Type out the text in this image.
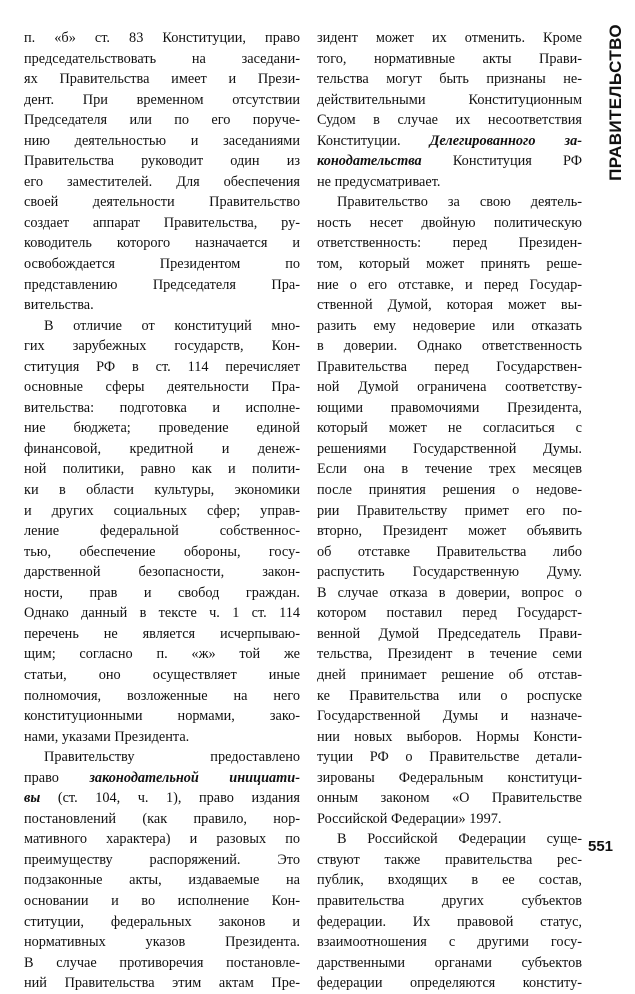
п. «б» ст. 83 Конституции, право
председательствовать на заседани-
ях Правительства имеет и Прези-
дент. При временном отсутствии
Председателя или по его поруче-
нию деятельностью и заседаниями
Правительства руководит один из
его заместителей. Для обеспечения
своей деятельности Правительство
создает аппарат Правительства, ру-
ководитель которого назначается и
освобождается Президентом по
представлению Председателя Пра-
вительства.
В отличие от конституций мно-
гих зарубежных государств, Кон-
ституция РФ в ст. 114 перечисляет
основные сферы деятельности Пра-
вительства: подготовка и исполне-
ние бюджета; проведение единой
финансовой, кредитной и денеж-
ной политики, равно как и полити-
ки в области культуры, экономики
и других социальных сфер; управ-
ление федеральной собственнос-
тью, обеспечение обороны, госу-
дарственной безопасности, закон-
ности, прав и свобод граждан.
Однако данный в тексте ч. 1 ст. 114
перечень не является исчерпываю-
щим; согласно п. «ж» той же
статьи, оно осуществляет иные
полномочия, возложенные на него
конституционными нормами, зако-
нами, указами Президента.
Правительству предоставлено
право законодательной инициати-
вы (ст. 104, ч. 1), право издания
постановлений (как правило, нор-
мативного характера) и разовых по
преимуществу распоряжений. Это
подзаконные акты, издаваемые на
основании и во исполнение Кон-
ституции, федеральных законов и
нормативных указов Президента.
В случае противоречия постановле-
ний Правительства этим актам Пре-
зидент может их отменить. Кроме
того, нормативные акты Прави-
тельства могут быть признаны не-
действительными Конституционным
Судом в случае их несоответствия
Конституции. Делегированного за-
конодательства Конституция РФ
не предусматривает.
Правительство за свою деятель-
ность несет двойную политическую
ответственность: перед Президен-
том, который может принять реше-
ние о его отставке, и перед Госудаp-
ственной Думой, которая может вы-
разить ему недоверие или отказать
в доверии. Однако ответственность
Правительства перед Государствен-
ной Думой ограничена соответству-
ющими правомочиями Президента,
который может не согласиться с
решениями Государственной Думы.
Если она в течение трех месяцев
после принятия решения о недове-
рии Правительству примет его по-
вторно, Президент может объявить
об отставке Правительства либо
распустить Государственную Думу.
В случае отказа в доверии, вопрос о
котором поставил перед Государст-
венной Думой Председатель Прави-
тельства, Президент в течение семи
дней принимает решение об отстав-
ке Правительства или о роспуске
Государственной Думы и назначе-
нии новых выборов. Нормы Консти-
туции РФ о Правительстве детали-
зированы Федеральным конституци-
онным законом «О Правительстве
Российской Федерации» 1997.
В Российской Федерации суще-
ствуют также правительства рес-
публик, входящих в ее состав,
правительства других субъектов
федерации. Их правовой статус,
взаимоотношения с другими госу-
дарственными органами субъектов
федерации определяются конститу-
ПРАВИТЕЛЬСТВО
551
